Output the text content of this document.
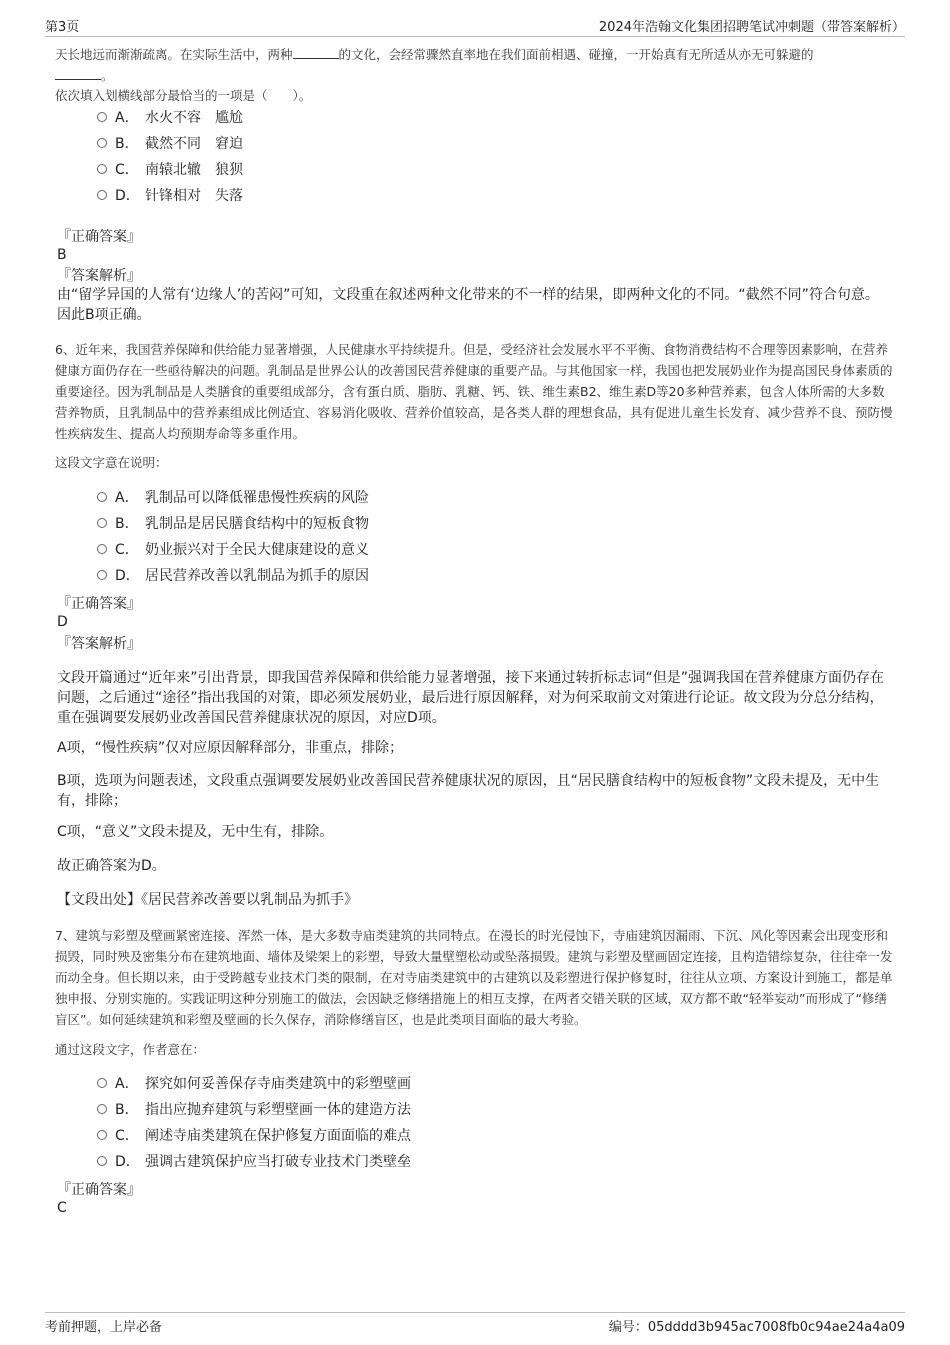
第3页	2024年浩翰文化集团招聘笔试冲刺题（带答案解析）
天长地远而渐渐疏离。在实际生活中，两种	的文化，会经常骤然直率地在我们面前相遇、碰撞，一开始真有无所适从亦无可躲避的
。
依次填入划横线部分最恰当的一项是（　　）。
A． 水火不容　尴尬
B． 截然不同　窘迫
C． 南辕北辙　狼狈
D． 针锋相对　失落
『正确答案』
B
『答案解析』
由“留学异国的人常有‘边缘人’的苦闷”可知，文段重在叙述两种文化带来的不一样的结果，即两种文化的不同。“截然不同”符合句意。因此B项正确。
6、近年来，我国营养保障和供给能力显著增强，人民健康水平持续提升。但是，受经济社会发展水平不平衡、食物消费结构不合理等因素影响，在营养健康方面仍存在一些亟待解决的问题。乳制品是世界公认的改善国民营养健康的重要产品。与其他国家一样，我国也把发展奶业作为提高国民身体素质的重要途径。因为乳制品是人类膳食的重要组成部分，含有蛋白质、脂肪、乳糖、钙、铁、维生素B2、维生素D等20多种营养素，包含人体所需的大多数营养物质，且乳制品中的营养素组成比例适宜、容易消化吸收、营养价值较高，是各类人群的理想食品，具有促进儿童生长发育、减少营养不良、预防慢性疾病发生、提高人均预期寿命等多重作用。
这段文字意在说明：
A． 乳制品可以降低罹患慢性疾病的风险
B． 乳制品是居民膳食结构中的短板食物
C． 奶业振兴对于全民大健康建设的意义
D． 居民营养改善以乳制品为抓手的原因
『正确答案』
D
『答案解析』
文段开篇通过“近年来”引出背景，即我国营养保障和供给能力显著增强，接下来通过转折标志词“但是”强调我国在营养健康方面仍存在问题，之后通过“途径”指出我国的对策，即必须发展奶业，最后进行原因解释，对为何采取前文对策进行论证。故文段为分总分结构，重在强调要发展奶业改善国民营养健康状况的原因，对应D项。
A项，“慢性疾病”仅对应原因解释部分，非重点，排除；
B项，选项为问题表述，文段重点强调要发展奶业改善国民营养健康状况的原因，且“居民膳食结构中的短板食物”文段未提及，无中生有，排除；
C项，“意义”文段未提及，无中生有，排除。
故正确答案为D。
【文段出处】《居民营养改善要以乳制品为抓手》
7、建筑与彩塑及壁画紧密连接、浑然一体，是大多数寺庙类建筑的共同特点。在漫长的时光侵蚀下，寺庙建筑因漏雨、下沉、风化等因素会出现变形和损毁，同时殃及密集分布在建筑地面、墙体及梁架上的彩塑，导致大量壁塑松动或坠落损毁。建筑与彩塑及壁画固定连接，且构造错综复杂，往往牵一发而动全身。但长期以来，由于受跨越专业技术门类的限制，在对寺庙类建筑中的古建筑以及彩塑进行保护修复时，往往从立项、方案设计到施工，都是单独申报、分别实施的。实践证明这种分别施工的做法，会因缺乏修缮措施上的相互支撑，在两者交错关联的区域，双方都不敢“轻举妄动”而形成了“修缮盲区”。如何延续建筑和彩塑及壁画的长久保存，消除修缮盲区，也是此类项目面临的最大考验。
通过这段文字，作者意在：
A． 探究如何妥善保存寺庙类建筑中的彩塑壁画
B． 指出应抛弃建筑与彩塑壁画一体的建造方法
C． 阐述寺庙类建筑在保护修复方面面临的难点
D． 强调古建筑保护应当打破专业技术门类壁垒
『正确答案』
C
考前押题，上岸必备	编号：05dddd3b945ac7008fb0c94ae24a4a09
